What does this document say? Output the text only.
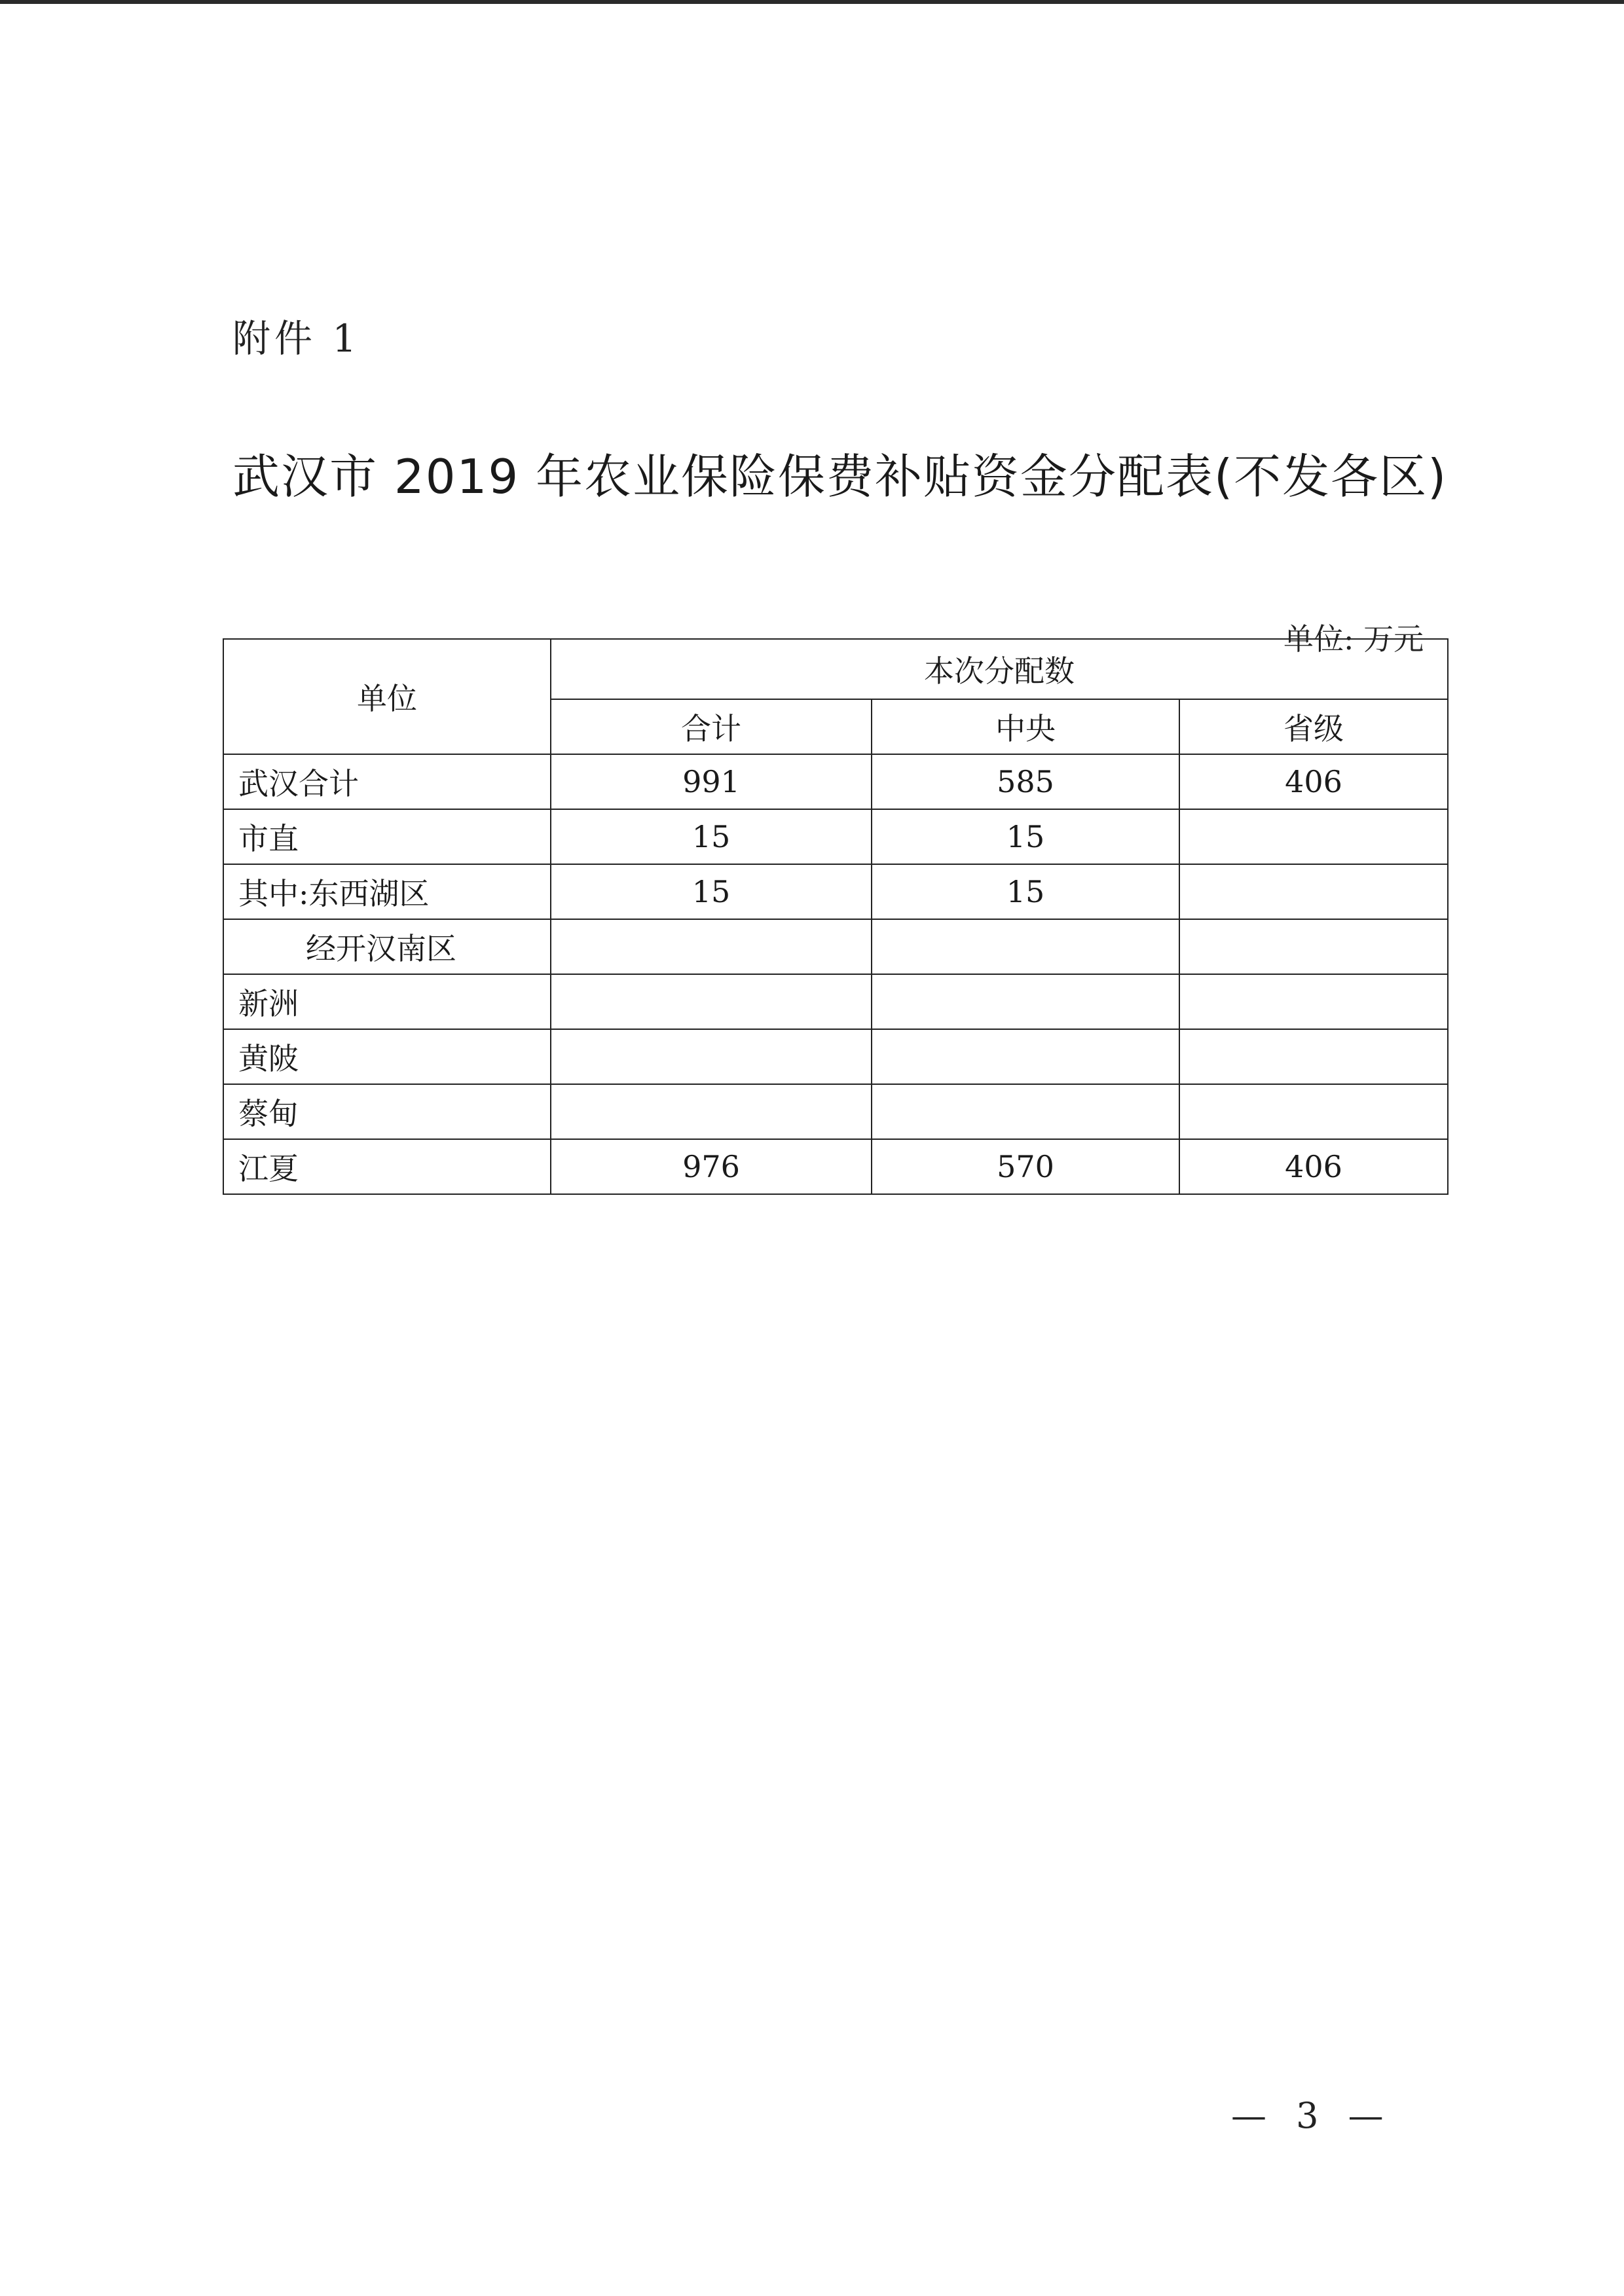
附件 1
武汉市 2019 年农业保险保费补贴资金分配表(不发各区)
单位: 万元
单位	本次分配数		
	合计	中央	省级
武汉合计	991	585	406
市直	15	15	
其中:东西湖区	15	15	
经开汉南区			
新洲			
黄陂			
蔡甸			
江夏	976	570	406
— 3 —
